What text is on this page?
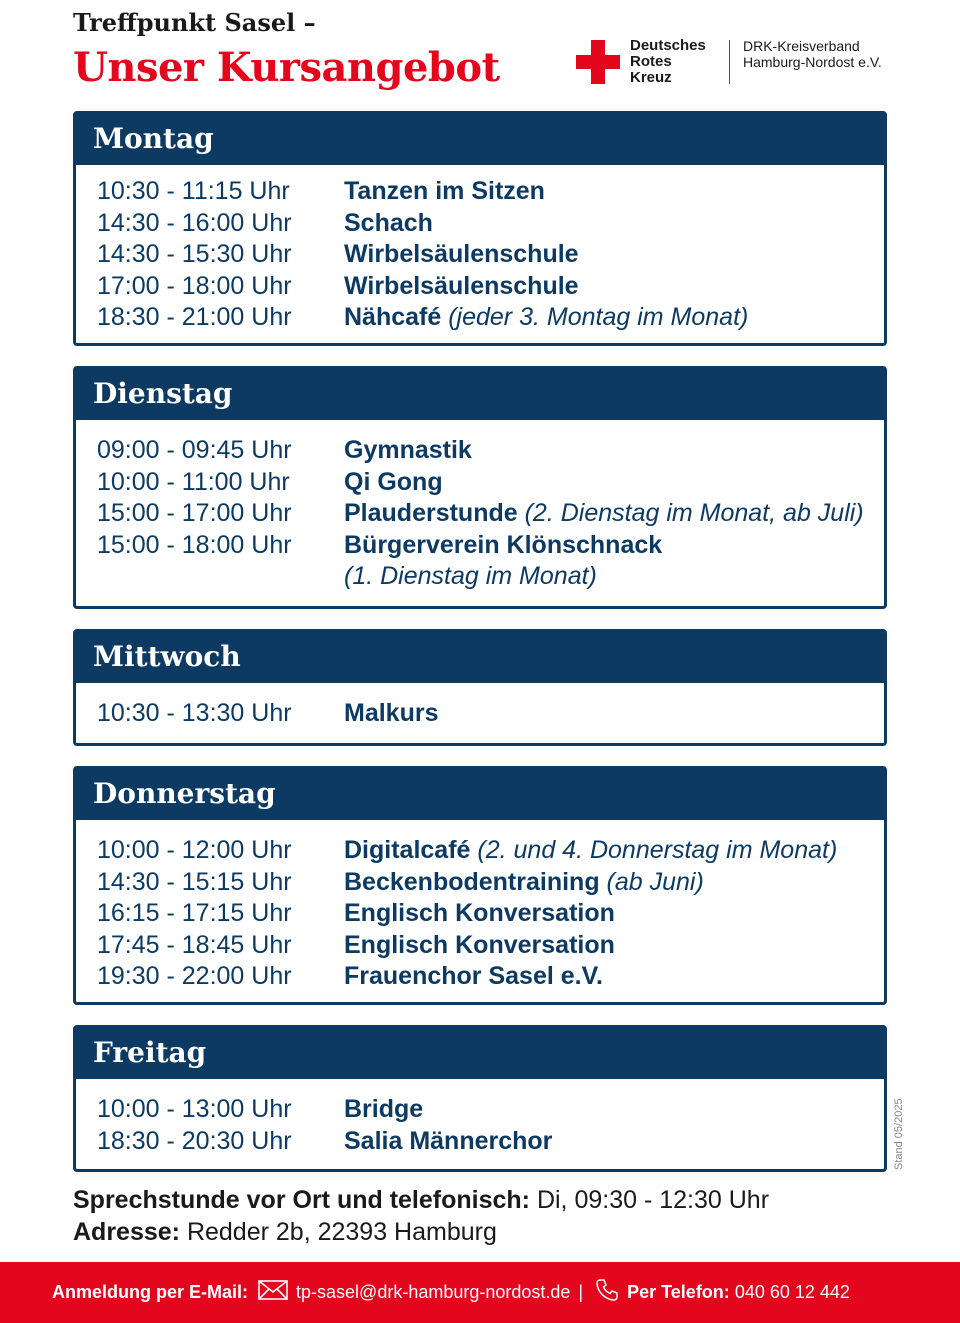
Treffpunkt Sasel –
Unser Kursangebot	Deutsches
Rotes
Kreuz
DRK-Kreisverband
Hamburg-Nordost e.V.
Montag
10:30 - 11:15 Uhr	Tanzen im Sitzen
14:30 - 16:00 Uhr	Schach
14:30 - 15:30 Uhr	Wirbelsäulenschule
17:00 - 18:00 Uhr	Wirbelsäulenschule
18:30 - 21:00 Uhr	Nähcafé
(jeder 3. Montag im Monat)
Dienstag
09:00 - 09:45 Uhr	Gymnastik
10:00 - 11:00 Uhr	Qi Gong
15:00 - 17:00 Uhr	Plauderstunde
(2. Dienstag im Monat, ab Juli)
15:00 - 18:00 Uhr	Bürgerverein Klönschnack
(1. Dienstag im Monat)
Mittwoch
10:30 - 13:30 Uhr	Malkurs
Donnerstag
10:00 - 12:00 Uhr	Digitalcafé
(2. und 4. Donnerstag im Monat)
14:30 - 15:15 Uhr	Beckenbodentraining
(ab Juni)
16:15 - 17:15 Uhr	Englisch Konversation
17:45 - 18:45 Uhr	Englisch Konversation
19:30 - 22:00 Uhr	Frauenchor Sasel e.V.
Freitag
10:00 - 13:00 Uhr	Bridge
18:30 - 20:30 Uhr	Salia Männerchor	Stand 05/2025
Sprechstunde vor Ort und telefonisch: Di, 09:30 - 12:30 Uhr
Adresse: Redder 2b, 22393 Hamburg
Anmeldung per E-Mail:	tp-sasel@drk-hamburg-nordost.de | Per Telefon:
040 60 12 442
